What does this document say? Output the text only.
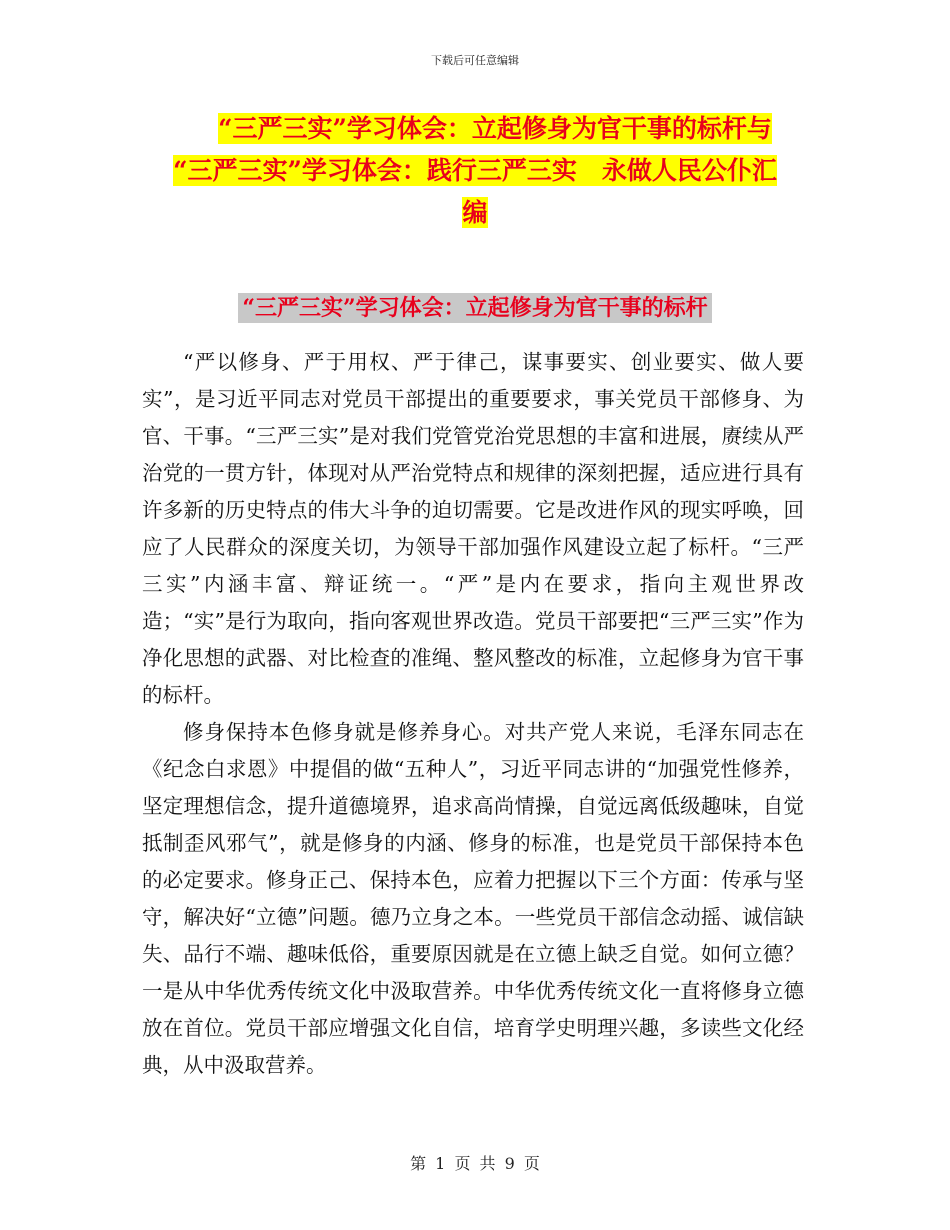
下载后可任意编辑
“三严三实”学习体会：立起修身为官干事的标杆与
“三严三实”学习体会：践行三严三实　永做人民公仆汇
编
“三严三实”学习体会：立起修身为官干事的标杆

“严以修身、严于用权、严于律己，谋事要实、创业要实、做人要实”，是习近平同志对党员干部提出的重要要求，事关党员干部修身、为官、干事。“三严三实”是对我们党管党治党思想的丰富和进展，赓续从严治党的一贯方针，体现对从严治党特点和规律的深刻把握，适应进行具有许多新的历史特点的伟大斗争的迫切需要。它是改进作风的现实呼唤，回应了人民群众的深度关切，为领导干部加强作风建设立起了标杆。“三严三实”内涵丰富、辩证统一。“严”是内在要求，指向主观世界改造；“实”是行为取向，指向客观世界改造。党员干部要把“三严三实”作为净化思想的武器、对比检查的准绳、整风整改的标准，立起修身为官干事的标杆。

修身保持本色修身就是修养身心。对共产党人来说，毛泽东同志在《纪念白求恩》中提倡的做“五种人”，习近平同志讲的“加强党性修养，坚定理想信念，提升道德境界，追求高尚情操，自觉远离低级趣味，自觉抵制歪风邪气”，就是修身的内涵、修身的标准，也是党员干部保持本色的必定要求。修身正己、保持本色，应着力把握以下三个方面：传承与坚守，解决好“立德”问题。德乃立身之本。一些党员干部信念动摇、诚信缺失、品行不端、趣味低俗，重要原因就是在立德上缺乏自觉。如何立德？一是从中华优秀传统文化中汲取营养。中华优秀传统文化一直将修身立德放在首位。党员干部应增强文化自信，培育学史明理兴趣，多读些文化经典，从中汲取营养。

第 1 页 共 9 页
